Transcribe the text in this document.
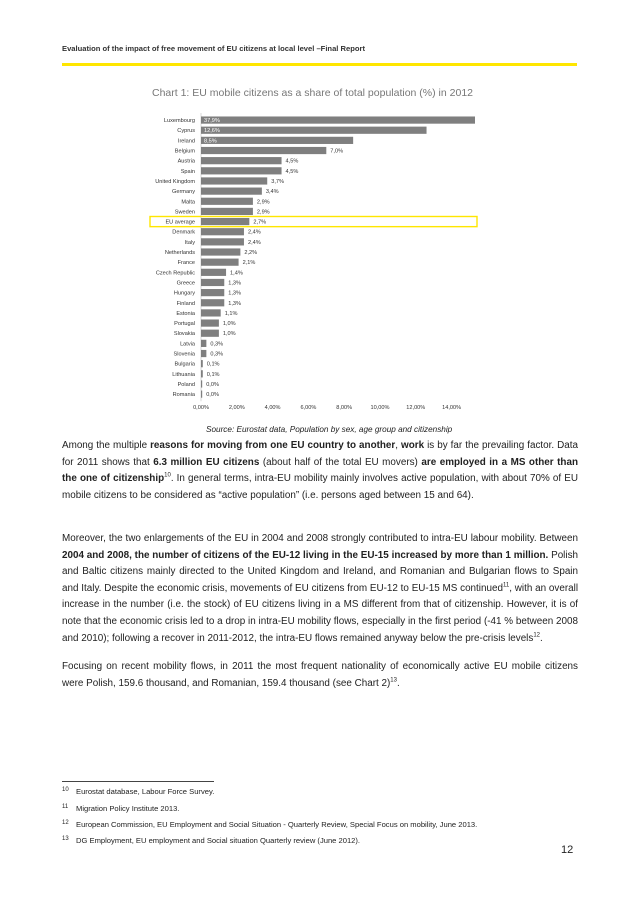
Evaluation of the impact of free movement of EU citizens at local level –Final Report
Chart 1: EU mobile citizens as a share of total population (%) in 2012
Luxembourg 37,9%
Cyprus 12,6%
Ireland 8,5%
Belgium	7,0%
Austria	4,5%
Spain	4,5%
United Kingdom	3,7%
Germany	3,4%
Malta	2,9%
Sweden	2,9%
EU average	2,7%
Denmark	2,4%
Italy	2,4%
Netherlands	2,2%
France	2,1%
Czech Republic	1,4%
Greece	1,3%
Hungary	1,3%
Finland	1,3%
Estonia	1,1%
Portugal	1,0%
Slovakia	1,0%
Latvia	0,3%
Slovenia	0,3%
Bulgaria 0,1%
Lithuania 0,1%
Poland 0,0%
Romania 0,0%
0,00%	2,00%	4,00%	6,00%	8,00%	10,00%	12,00%	14,00%
Source: Eurostat data, Population by sex, age group and citizenship

Among the multiple reasons for moving from one EU country to another, work is by far the prevailing factor. Data for 2011 shows that 6.3 million EU citizens (about half of the total EU movers) are employed in a MS other than the one of citizenship$^{10}$. In general terms, intra-EU mobility mainly involves active population, with about 70% of EU mobile citizens to be considered as “active population” (i.e. persons aged between 15 and 64).

Moreover, the two enlargements of the EU in 2004 and 2008 strongly contributed to intra-EU labour mobility. Between 2004 and 2008, the number of citizens of the EU-12 living in the EU-15 increased by more than 1 million. Polish and Baltic citizens mainly directed to the United Kingdom and Ireland, and Romanian and Bulgarian flows to Spain and Italy. Despite the economic crisis, movements of EU citizens from EU-12 to EU-15 MS continued$^{11}$, with an overall increase in the number (i.e. the stock) of EU citizens living in a MS different from that of citizenship. However, it is of note that the economic crisis led to a drop in intra-EU mobility flows, especially in the first period (-41 % between 2008 and 2010); following a recover in 2011-2012, the intra-EU flows remained anyway below the pre-crisis levels$^{12}$.

Focusing on recent mobility flows, in 2011 the most frequent nationality of economically active EU mobile citizens were Polish, 159.6 thousand, and Romanian, 159.4 thousand (see Chart 2)$^{13}$.

10 Eurostat database, Labour Force Survey.
11 Migration Policy Institute 2013.
12 European Commission, EU Employment and Social Situation - Quarterly Review, Special Focus on mobility, June 2013.
13 DG Employment, EU employment and Social situation Quarterly review (June 2012).
12
